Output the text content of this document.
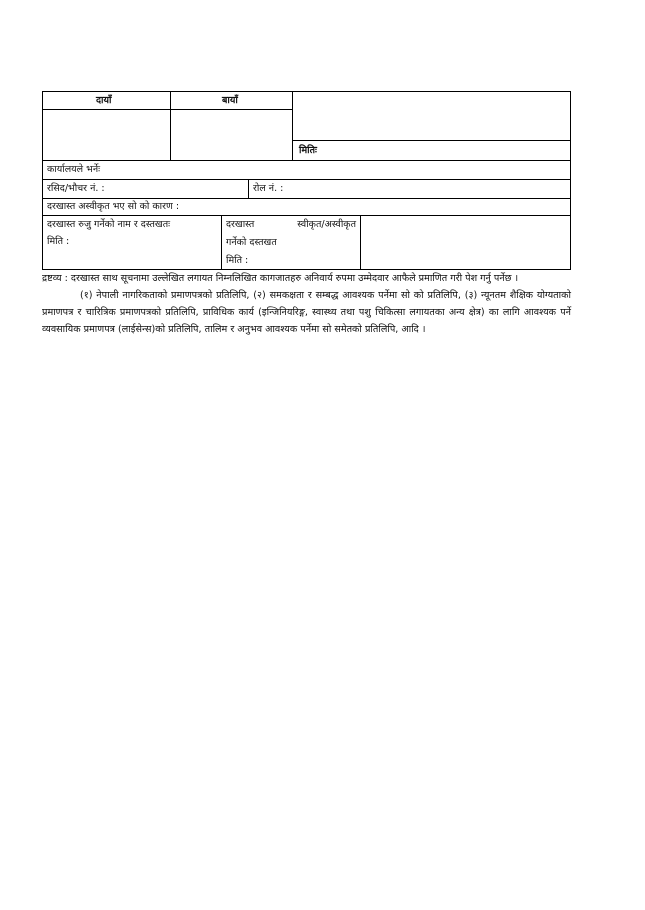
दायाँ	बायाँ
मितिः
कार्यालयले भर्नेः
रसिद/भौचर नं. :	रोल नं. :
दरखास्त अस्वीकृत भए सो को कारण :
दरखास्त रुजु गर्नेको नाम र दस्तखतः
मिति :
दरखास्त स्वीकृत/अस्वीकृत
गर्नेको दस्तखत
मिति :

द्रष्टव्य : दरखास्त साथ सूचनामा उल्लेखित लगायत निम्नलिखित कागजातहरु अनिवार्य रुपमा उम्मेदवार आफैले प्रमाणित गरी पेश गर्नु पर्नेछ ।

(१) नेपाली नागरिकताको प्रमाणपत्रको प्रतिलिपि, (२) समकक्षता र सम्बद्ध आवश्यक पर्नेमा सो को प्रतिलिपि, (३) न्यूनतम शैक्षिक योग्यताको प्रमाणपत्र र चारित्रिक प्रमाणपत्रको प्रतिलिपि, प्राविधिक कार्य (इन्जिनियरिङ्ग, स्वास्थ्य तथा पशु चिकित्सा लगायतका अन्य क्षेत्र) का लागि आवश्यक पर्ने व्यवसायिक प्रमाणपत्र (लाईसेन्स)को प्रतिलिपि, तालिम र अनुभव आवश्यक पर्नेमा सो समेतको प्रतिलिपि, आदि ।
